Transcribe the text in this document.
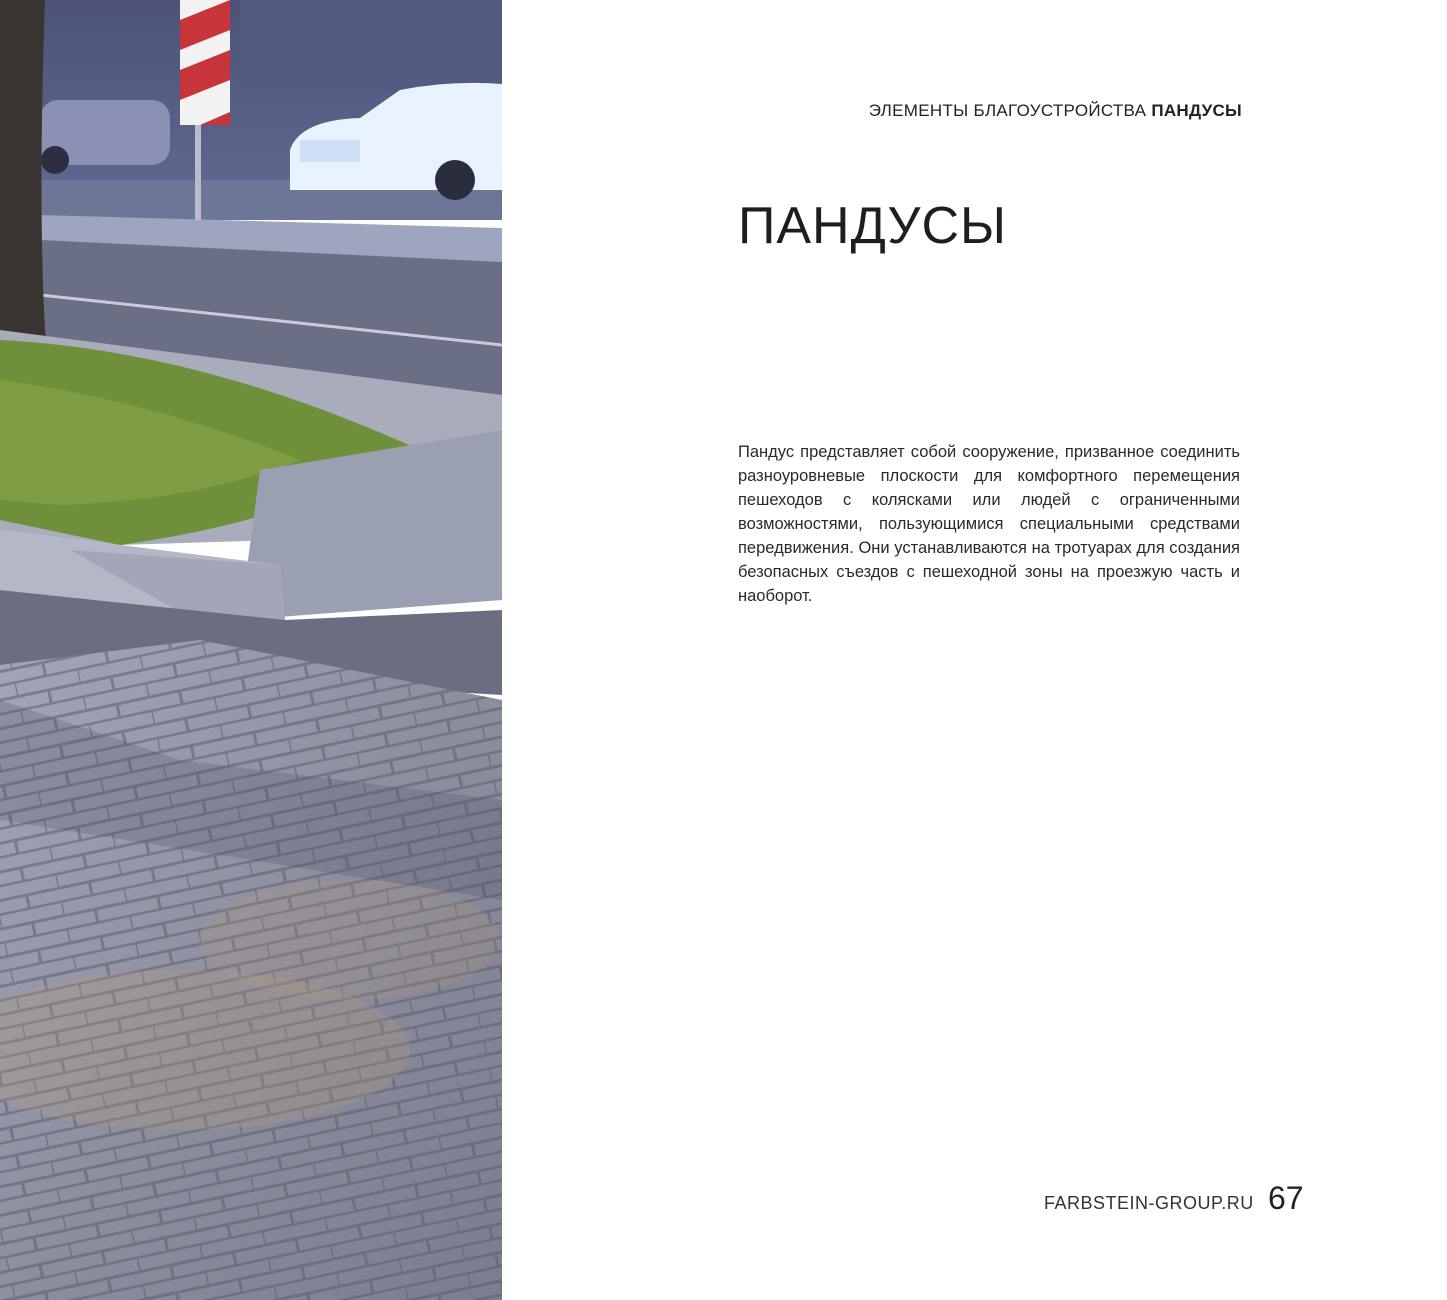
ЭЛЕМЕНТЫ БЛАГОУСТРОЙСТВА ПАНДУСЫ
ПАНДУСЫ

Пандус представляет собой сооружение, призванное соединить разноуровневые плоскости для комфортного перемещения пешеходов с колясками или людей с ограниченными возможностями, пользующимися специальными средствами передвижения. Они устанавливаются на тротуарах для создания безопасных съездов с пешеходной зоны на проезжую часть и наоборот.

FARBSTEIN-GROUP.RU 67
